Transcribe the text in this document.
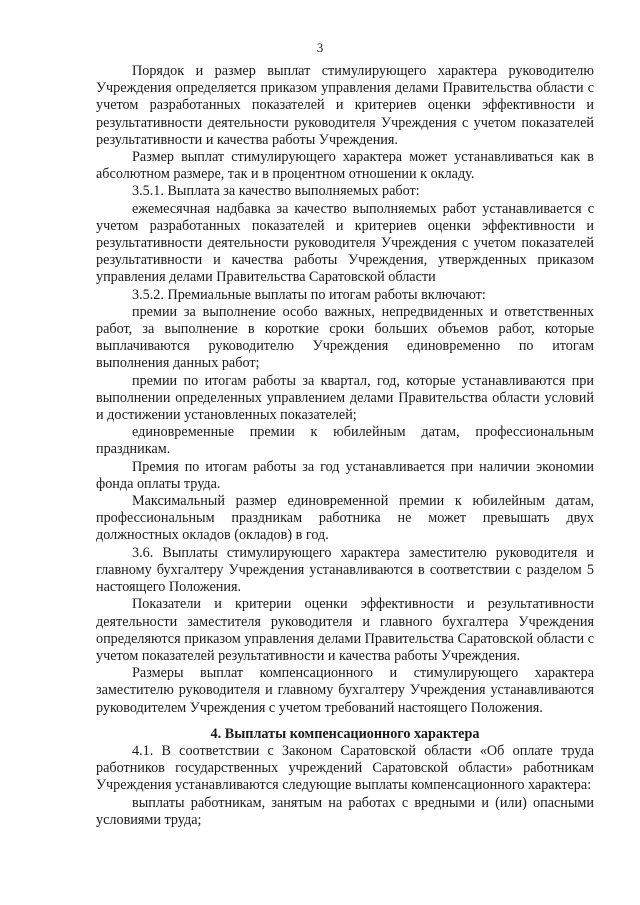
3

Порядок и размер выплат стимулирующего характера руководителю Учреждения определяется приказом управления делами Правительства области с учетом разработанных показателей и критериев оценки эффективности и результативности деятельности руководителя Учреждения с учетом показателей результативности и качества работы Учреждения.

Размер выплат стимулирующего характера может устанавливаться как в абсолютном размере, так и в процентном отношении к окладу.

3.5.1. Выплата за качество выполняемых работ:

ежемесячная надбавка за качество выполняемых работ устанавливается с учетом разработанных показателей и критериев оценки эффективности и результативности деятельности руководителя Учреждения с учетом показателей результативности и качества работы Учреждения, утвержденных приказом управления делами Правительства Саратовской области

3.5.2. Премиальные выплаты по итогам работы включают:

премии за выполнение особо важных, непредвиденных и ответственных работ, за выполнение в короткие сроки больших объемов работ, которые выплачиваются руководителю Учреждения единовременно по итогам выполнения данных работ;

премии по итогам работы за квартал, год, которые устанавливаются при выполнении определенных управлением делами Правительства области условий и достижении установленных показателей;

единовременные премии к юбилейным датам, профессиональным праздникам.

Премия по итогам работы за год устанавливается при наличии экономии фонда оплаты труда.

Максимальный размер единовременной премии к юбилейным датам, профессиональным праздникам работника не может превышать двух должностных окладов (окладов) в год.

3.6. Выплаты стимулирующего характера заместителю руководителя и главному бухгалтеру Учреждения устанавливаются в соответствии с разделом 5 настоящего Положения.

Показатели и критерии оценки эффективности и результативности деятельности заместителя руководителя и главного бухгалтера Учреждения определяются приказом управления делами Правительства Саратовской области с учетом показателей результативности и качества работы Учреждения.

Размеры выплат компенсационного и стимулирующего характера заместителю руководителя и главному бухгалтеру Учреждения устанавливаются руководителем Учреждения с учетом требований настоящего Положения.

4. Выплаты компенсационного характера

4.1. В соответствии с Законом Саратовской области «Об оплате труда работников государственных учреждений Саратовской области» работникам Учреждения устанавливаются следующие выплаты компенсационного характера:

выплаты работникам, занятым на работах с вредными и (или) опасными условиями труда;
